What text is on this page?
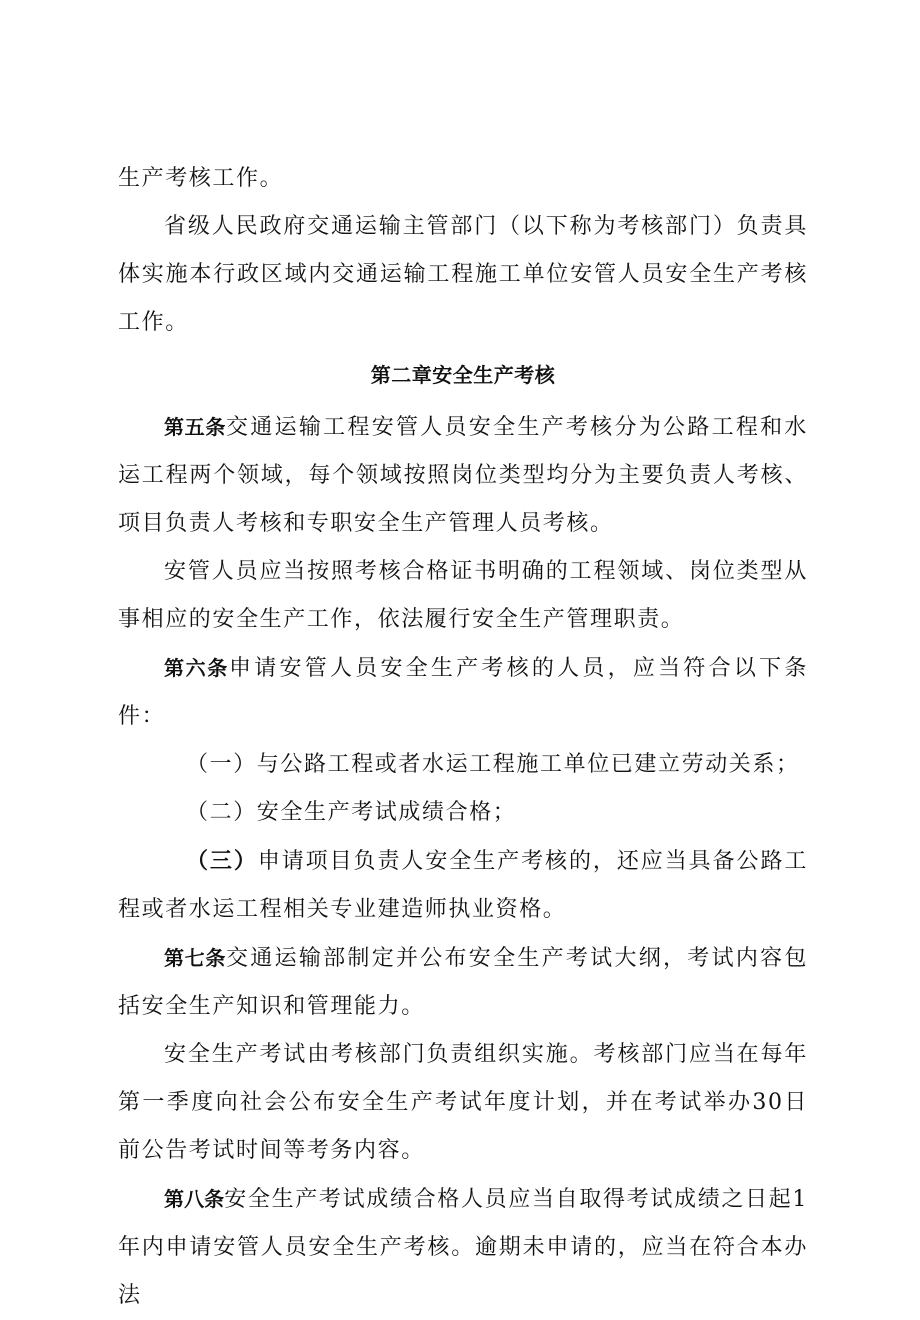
生产考核工作。

省级人民政府交通运输主管部门（以下称为考核部门）负责具体实施本行政区域内交通运输工程施工单位安管人员安全生产考核工作。

第二章安全生产考核

第五条交通运输工程安管人员安全生产考核分为公路工程和水运工程两个领域，每个领域按照岗位类型均分为主要负责人考核、项目负责人考核和专职安全生产管理人员考核。

安管人员应当按照考核合格证书明确的工程领域、岗位类型从事相应的安全生产工作，依法履行安全生产管理职责。

第六条申请安管人员安全生产考核的人员，应当符合以下条件：

（一）与公路工程或者水运工程施工单位已建立劳动关系；

（二）安全生产考试成绩合格；

（三）申请项目负责人安全生产考核的，还应当具备公路工程或者水运工程相关专业建造师执业资格。

第七条交通运输部制定并公布安全生产考试大纲，考试内容包括安全生产知识和管理能力。

安全生产考试由考核部门负责组织实施。考核部门应当在每年第一季度向社会公布安全生产考试年度计划，并在考试举办30日前公告考试时间等考务内容。

第八条安全生产考试成绩合格人员应当自取得考试成绩之日起1年内申请安管人员安全生产考核。逾期未申请的，应当在符合本办法
